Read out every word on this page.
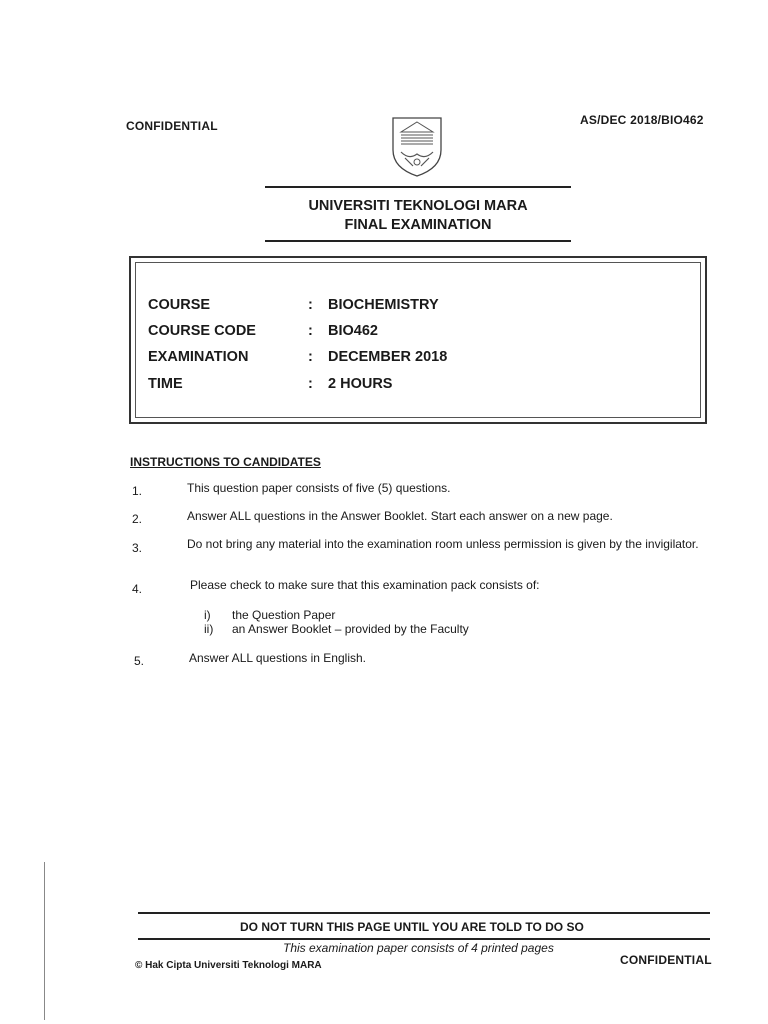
CONFIDENTIAL	AS/DEC 2018/BIO462
UNIVERSITI TEKNOLOGI MARA
FINAL EXAMINATION
COURSE	: BIOCHEMISTRY
COURSE CODE	: BIO462
EXAMINATION	: DECEMBER 2018
TIME	: 2 HOURS
INSTRUCTIONS TO CANDIDATES
1.	This question paper consists of five (5) questions.
2.	Answer ALL questions in the Answer Booklet. Start each answer on a new page.
3.	Do not bring any material into the examination room unless permission is given by the invigilator.
4.	Please check to make sure that this examination pack consists of:
i) the Question Paper
ii) an Answer Booklet – provided by the Faculty
5.	Answer ALL questions in English.
DO NOT TURN THIS PAGE UNTIL YOU ARE TOLD TO DO SO
This examination paper consists of 4 printed pages
© Hak Cipta Universiti Teknologi MARA	CONFIDENTIAL
